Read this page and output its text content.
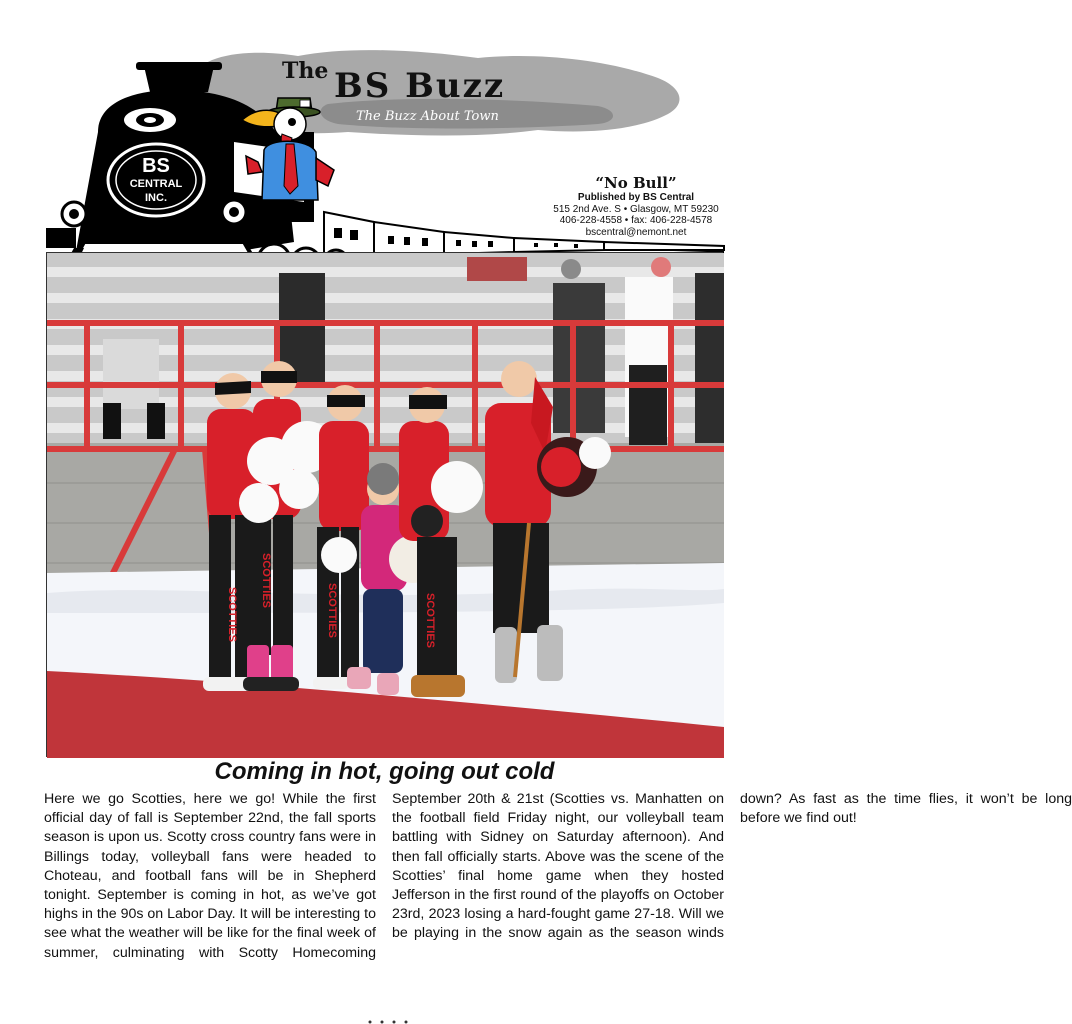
The BS Buzz
The Buzz About Town
BS
CENTRAL
INC.
“No Bull”
Published by BS Central
515 2nd Ave. S • Glasgow, MT 59230
406-228-4558 • fax: 406-228-4578
bscentral@nemont.net
SCOTTIES
SCOTTIES
SCOTTIES	SCOTTIES
Coming in hot, going out cold
Here we go Scotties, here we go! While the first official day of fall is September 22nd, the fall sports season is upon us. Scotty cross country fans were in Billings today, volleyball fans were headed to Choteau, and football fans will be in Shepherd tonight. September is coming in hot, as we’ve got highs in the 90s on Labor Day. It will be interesting to see what the weather will be like for the final week of summer, culminating with Scotty Homecoming September 20th & 21st (Scotties vs. Manhatten on the football field Friday night, our volleyball team battling with Sidney on Saturday afternoon). And then fall officially starts. Above was the scene of the Scotties’ final home game when they hosted Jefferson in the first round of the playoffs on October 23rd, 2023 losing a hard-fought game 27-18. Will we be playing in the snow again as the season winds down? As fast as the time flies, it won’t be long before we find out!
